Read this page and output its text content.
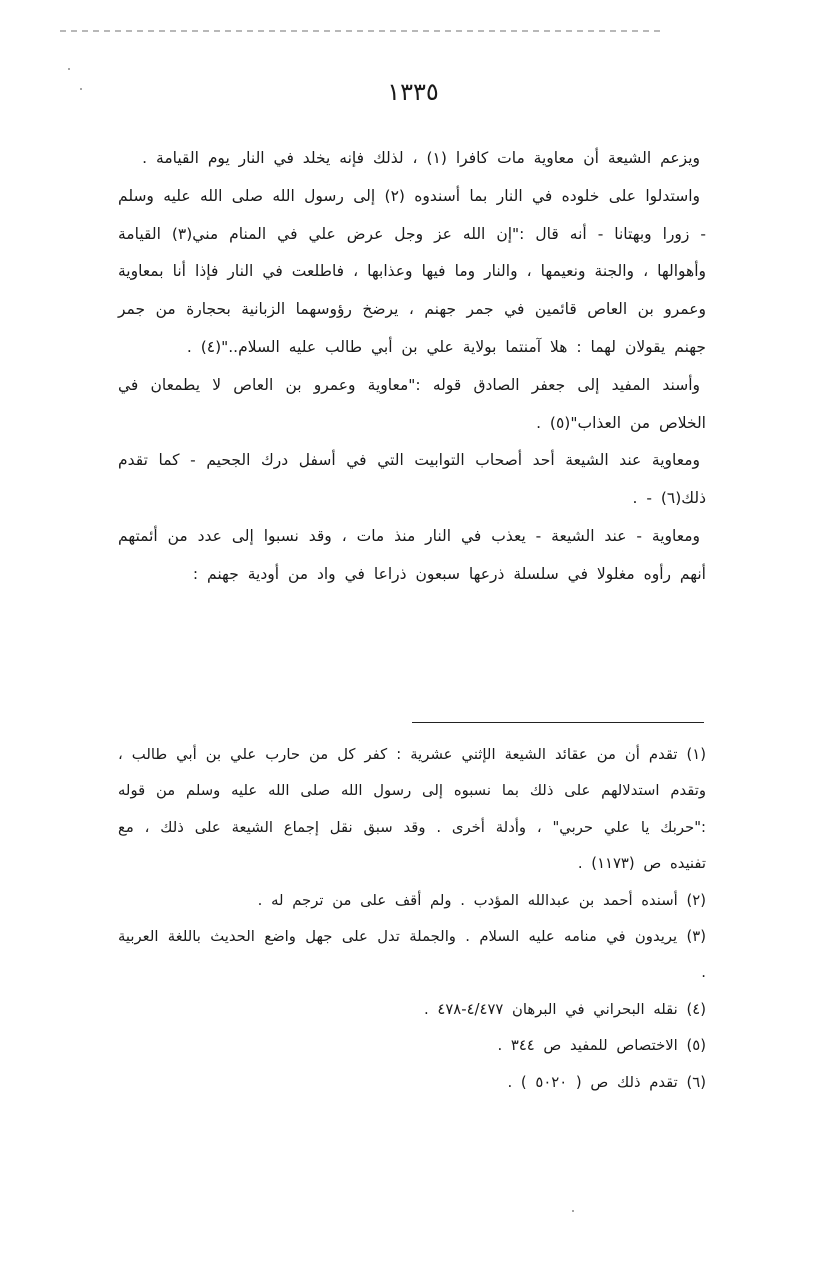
١٣٣٥

ويزعم الشيعة أن معاوية مات كافرا (١) ، لذلك فإنه يخلد في النار يوم القيامة .

واستدلوا على خلوده في النار بما أسندوه (٢) إلى رسول الله صلى الله عليه وسلم - زورا وبهتانا - أنه قال :"إن الله عز وجل عرض علي في المنام مني(٣) القيامة وأهوالها ، والجنة ونعيمها ، والنار وما فيها وعذابها ، فاطلعت في النار فإذا أنا بمعاوية وعمرو بن العاص قائمين في جمر جهنم ، يرضخ رؤوسهما الزبانية بحجارة من جمر جهنم يقولان لهما : هلا آمنتما بولاية علي بن أبي طالب عليه السلام.."(٤) .

وأسند المفيد إلى جعفر الصادق قوله :"معاوية وعمرو بن العاص لا يطمعان في الخلاص من العذاب"(٥) .

ومعاوية عند الشيعة أحد أصحاب التوابيت التي في أسفل درك الجحيم - كما تقدم ذلك(٦) - .

ومعاوية - عند الشيعة - يعذب في النار منذ مات ، وقد نسبوا إلى عدد من أئمتهم أنهم رأوه مغلولا في سلسلة ذرعها سبعون ذراعا في واد من أودية جهنم :

(١) تقدم أن من عقائد الشيعة الإثني عشرية : كفر كل من حارب علي بن أبي طالب ، وتقدم استدلالهم على ذلك بما نسبوه إلى رسول الله صلى الله عليه وسلم من قوله :"حربك يا علي حربي" ، وأدلة أخرى . وقد سبق نقل إجماع الشيعة على ذلك ، مع تفنيده ص (١١٧٣) .

(٢) أسنده أحمد بن عبدالله المؤدب . ولم أقف على من ترجم له .

(٣) يريدون في منامه عليه السلام . والجملة تدل على جهل واضع الحديث باللغة العربية .

(٤) نقله البحراني في البرهان ٤/٤٧٧-٤٧٨ .

(٥) الاختصاص للمفيد ص ٣٤٤ .

(٦) تقدم ذلك ص ( ٥٠٢٠ ) .
